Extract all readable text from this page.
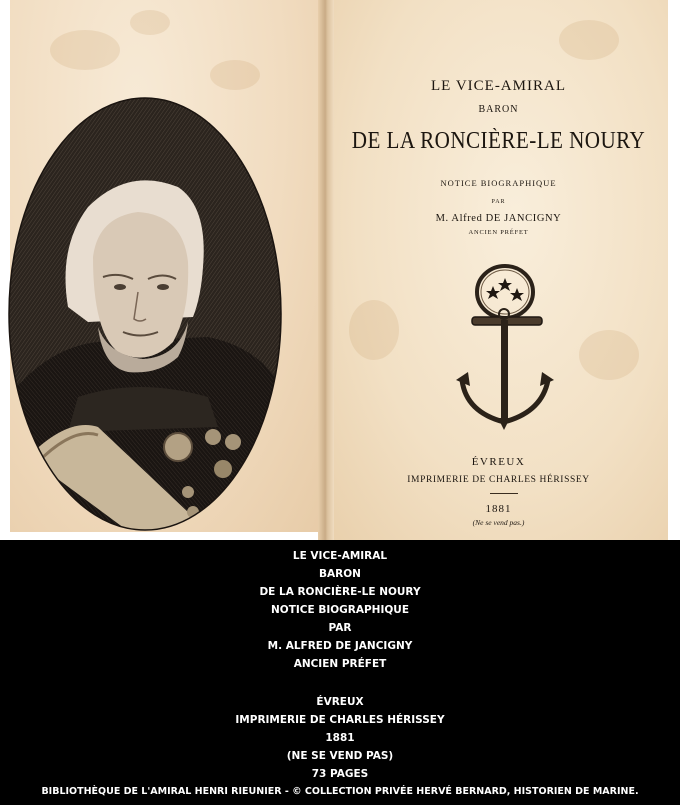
LE VICE-AMIRAL
BARON
DE LA RONCIÈRE-LE NOURY
NOTICE BIOGRAPHIQUE
PAR
M. Alfred DE JANCIGNY
ANCIEN PRÉFET
ÉVREUX
IMPRIMERIE DE CHARLES HÉRISSEY
1881
(Ne se vend pas.)
LE VICE-AMIRAL
BARON
DE LA RONCIÈRE-LE NOURY
NOTICE BIOGRAPHIQUE
PAR
M. ALFRED DE JANCIGNY
ANCIEN PRÉFET
ÉVREUX
IMPRIMERIE DE CHARLES HÉRISSEY
1881
(NE SE VEND PAS)
73 PAGES
BIBLIOTHÈQUE DE L'AMIRAL HENRI RIEUNIER - © COLLECTION PRIVÉE HERVÉ BERNARD, HISTORIEN DE MARINE.
